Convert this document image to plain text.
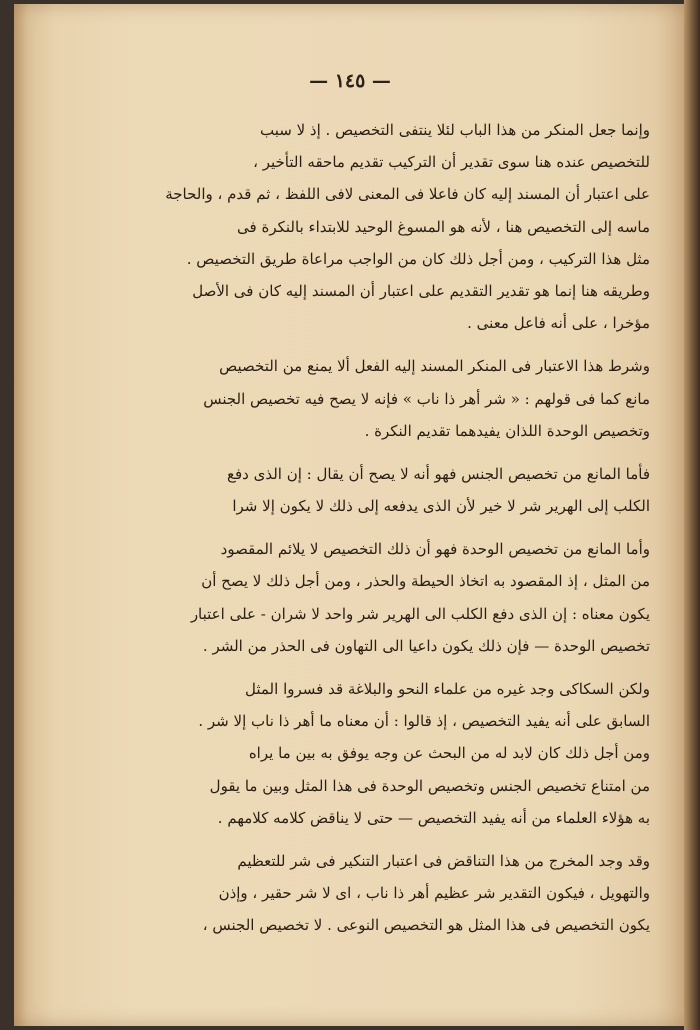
— ١٤٥ —
وإنما جعل المنكر من هذا الباب لئلا ينتفى التخصيص . إذ لا سبب
للتخصيص عنده هنا سوى تقدير أن التركيب تقديم ماحقه التأخير ،
على اعتبار أن المسند إليه كان فاعلا فى المعنى لافى اللفظ ، ثم قدم ، والحاجة
ماسه إلى التخصيص هنا ، لأنه هو المسوغ الوحيد للابتداء بالنكرة فى
مثل هذا التركيب ، ومن أجل ذلك كان من الواجب مراعاة طريق التخصيص .
وطريقه هنا إنما هو تقدير التقديم على اعتبار أن المسند إليه كان فى الأصل
مؤخرا ، على أنه فاعل معنى .
وشرط هذا الاعتبار فى المنكر المسند إليه الفعل ألا يمنع من التخصيص
مانع كما فى قولهم : « شر أهر ذا ناب » فإنه لا يصح فيه تخصيص الجنس
وتخصيص الوحدة اللذان يفيدهما تقديم النكرة .
فأما المانع من تخصيص الجنس فهو أنه لا يصح أن يقال : إن الذى دفع
الكلب إلى الهرير شر لا خير لأن الذى يدفعه إلى ذلك لا يكون إلا شرا
وأما المانع من تخصيص الوحدة فهو أن ذلك التخصيص لا يلائم المقصود
من المثل ، إذ المقصود به اتخاذ الحيطة والحذر ، ومن أجل ذلك لا يصح أن
يكون معناه : إن الذى دفع الكلب الى الهرير شر واحد لا شران - على اعتبار
تخصيص الوحدة — فإن ذلك يكون داعيا الى التهاون فى الحذر من الشر .
ولكن السكاكى وجد غيره من علماء النحو والبلاغة قد فسروا المثل
السابق على أنه يفيد التخصيص ، إذ قالوا : أن معناه ما أهر ذا ناب إلا شر .
ومن أجل ذلك كان لابد له من البحث عن وجه يوفق به بين ما يراه
من امتناع تخصيص الجنس وتخصيص الوحدة فى هذا المثل وبين ما يقول
به هؤلاء العلماء من أنه يفيد التخصيص — حتى لا يناقض كلامه كلامهم .
وقد وجد المخرج من هذا التناقض فى اعتبار التنكير فى شر للتعظيم
والتهويل ، فيكون التقدير شر عظيم أهر ذا ناب ، اى لا شر حقير ، وإذن
يكون التخصيص فى هذا المثل هو التخصيص النوعى . لا تخصيص الجنس ،
